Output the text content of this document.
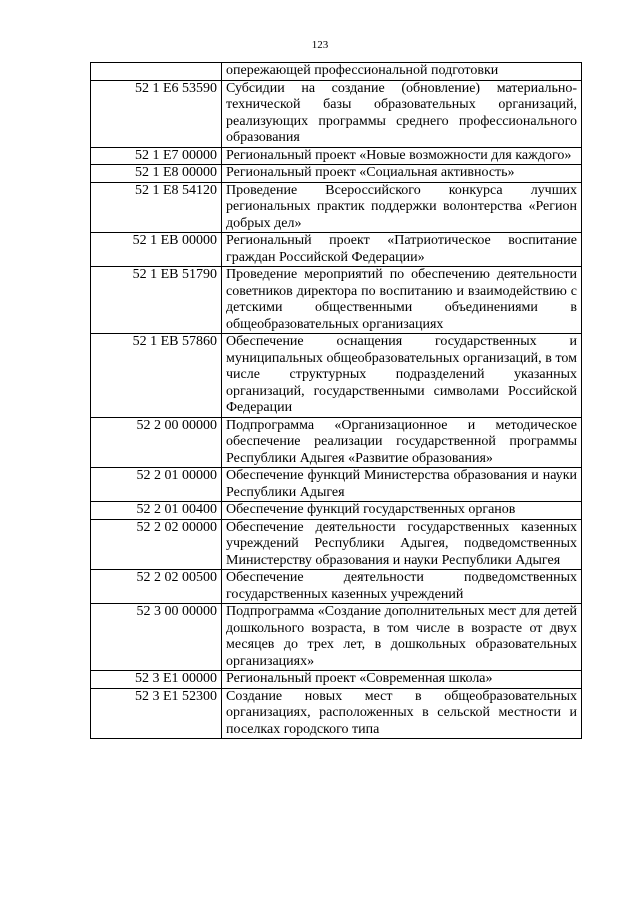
123
	опережающей профессиональной подготовки
52 1 E6 53590	Субсидии на создание (обновление) материально-технической базы образовательных организаций, реализующих программы среднего профессионального образования
52 1 E7 00000	Региональный проект «Новые возможности для каждого»
52 1 E8 00000	Региональный проект «Социальная активность»
52 1 E8 54120	Проведение Всероссийского конкурса лучших региональных практик поддержки волонтерства «Регион добрых дел»
52 1 EB 00000	Региональный проект «Патриотическое воспитание граждан Российской Федерации»
52 1 EB 51790	Проведение мероприятий по обеспечению деятельности советников директора по воспитанию и взаимодействию с детскими общественными объединениями в общеобразовательных организациях
52 1 EB 57860	Обеспечение оснащения государственных и муниципальных общеобразовательных организаций, в том числе структурных подразделений указанных организаций, государственными символами Российской Федерации
52 2 00 00000	Подпрограмма «Организационное и методическое обеспечение реализации государственной программы Республики Адыгея «Развитие образования»
52 2 01 00000	Обеспечение функций Министерства образования и науки Республики Адыгея
52 2 01 00400	Обеспечение функций государственных органов
52 2 02 00000	Обеспечение деятельности государственных казенных учреждений Республики Адыгея, подведомственных Министерству образования и науки Республики Адыгея
52 2 02 00500	Обеспечение деятельности подведомственных государственных казенных учреждений
52 3 00 00000	Подпрограмма «Создание дополнительных мест для детей дошкольного возраста, в том числе в возрасте от двух месяцев до трех лет, в дошкольных образовательных организациях»
52 3 E1 00000	Региональный проект «Современная школа»
52 3 E1 52300	Создание новых мест в общеобразовательных организациях, расположенных в сельской местности и поселках городского типа
